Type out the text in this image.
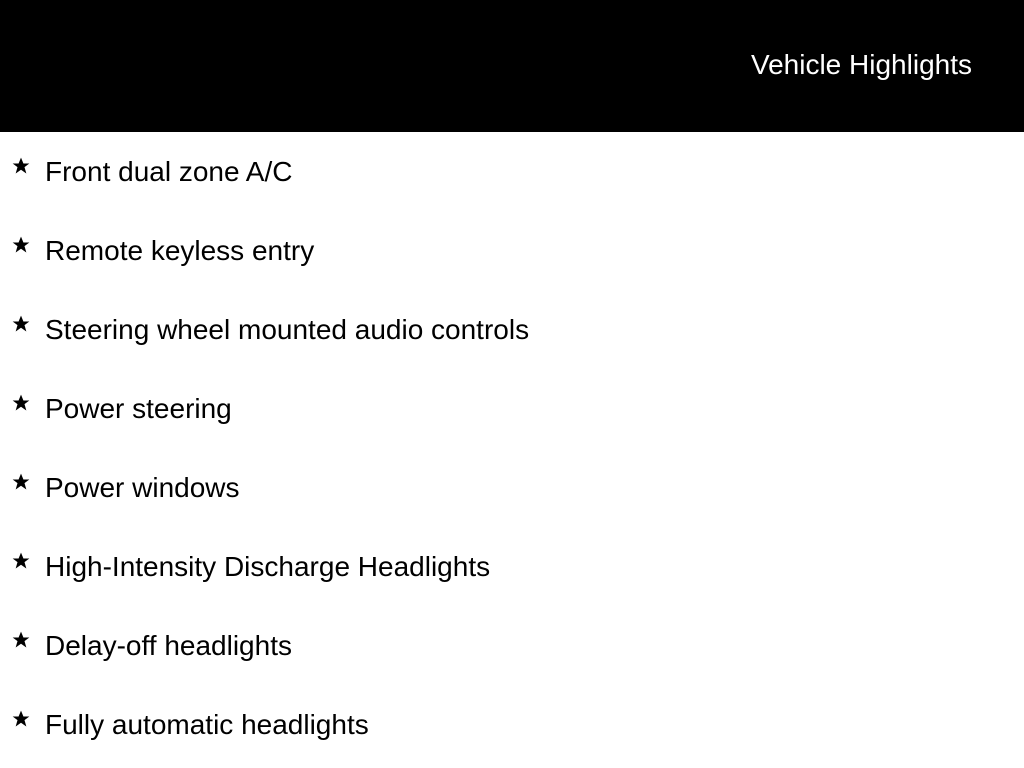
Vehicle Highlights
Front dual zone A/C
Remote keyless entry
Steering wheel mounted audio controls
Power steering
Power windows
High-Intensity Discharge Headlights
Delay-off headlights
Fully automatic headlights
